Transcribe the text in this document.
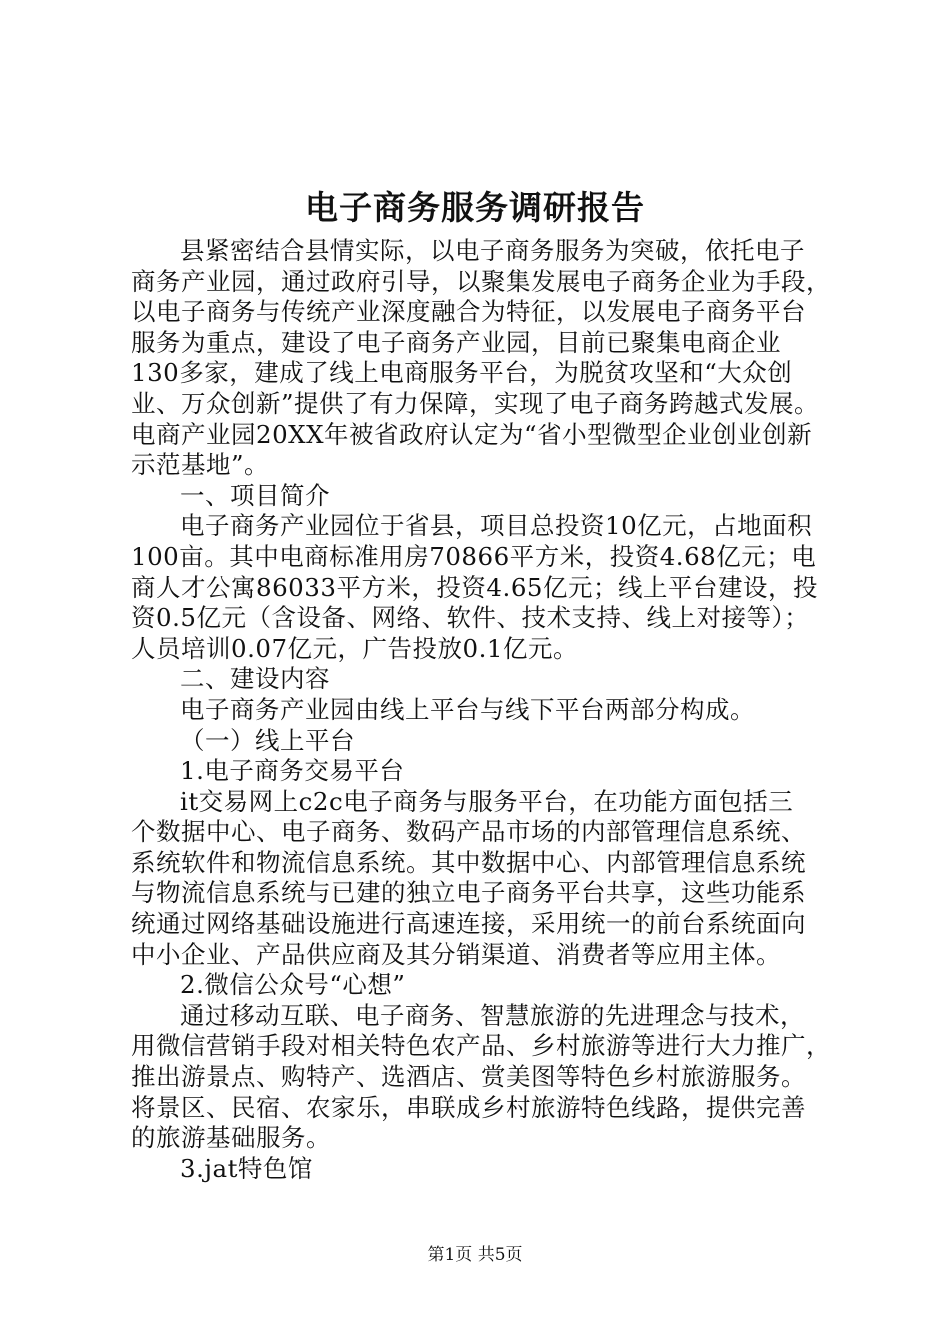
电子商务服务调研报告
县紧密结合县情实际，以电子商务服务为突破，依托电子
商务产业园，通过政府引导，以聚集发展电子商务企业为手段，
以电子商务与传统产业深度融合为特征，以发展电子商务平台
服务为重点，建设了电子商务产业园，目前已聚集电商企业
130多家，建成了线上电商服务平台，为脱贫攻坚和“大众创
业、万众创新”提供了有力保障，实现了电子商务跨越式发展。
电商产业园20XX年被省政府认定为“省小型微型企业创业创新
示范基地”。
一、项目简介
电子商务产业园位于省县，项目总投资10亿元，占地面积
100亩。其中电商标准用房70866平方米，投资4.68亿元；电
商人才公寓86033平方米，投资4.65亿元；线上平台建设，投
资0.5亿元（含设备、网络、软件、技术支持、线上对接等）；
人员培训0.07亿元，广告投放0.1亿元。
二、建设内容
电子商务产业园由线上平台与线下平台两部分构成。
（一）线上平台
1.电子商务交易平台
it交易网上c2c电子商务与服务平台，在功能方面包括三
个数据中心、电子商务、数码产品市场的内部管理信息系统、
系统软件和物流信息系统。其中数据中心、内部管理信息系统
与物流信息系统与已建的独立电子商务平台共享，这些功能系
统通过网络基础设施进行高速连接，采用统一的前台系统面向
中小企业、产品供应商及其分销渠道、消费者等应用主体。
2.微信公众号“心想”
通过移动互联、电子商务、智慧旅游的先进理念与技术，
用微信营销手段对相关特色农产品、乡村旅游等进行大力推广，
推出游景点、购特产、选酒店、赏美图等特色乡村旅游服务。
将景区、民宿、农家乐，串联成乡村旅游特色线路，提供完善
的旅游基础服务。
3.jat特色馆
第1页 共5页
